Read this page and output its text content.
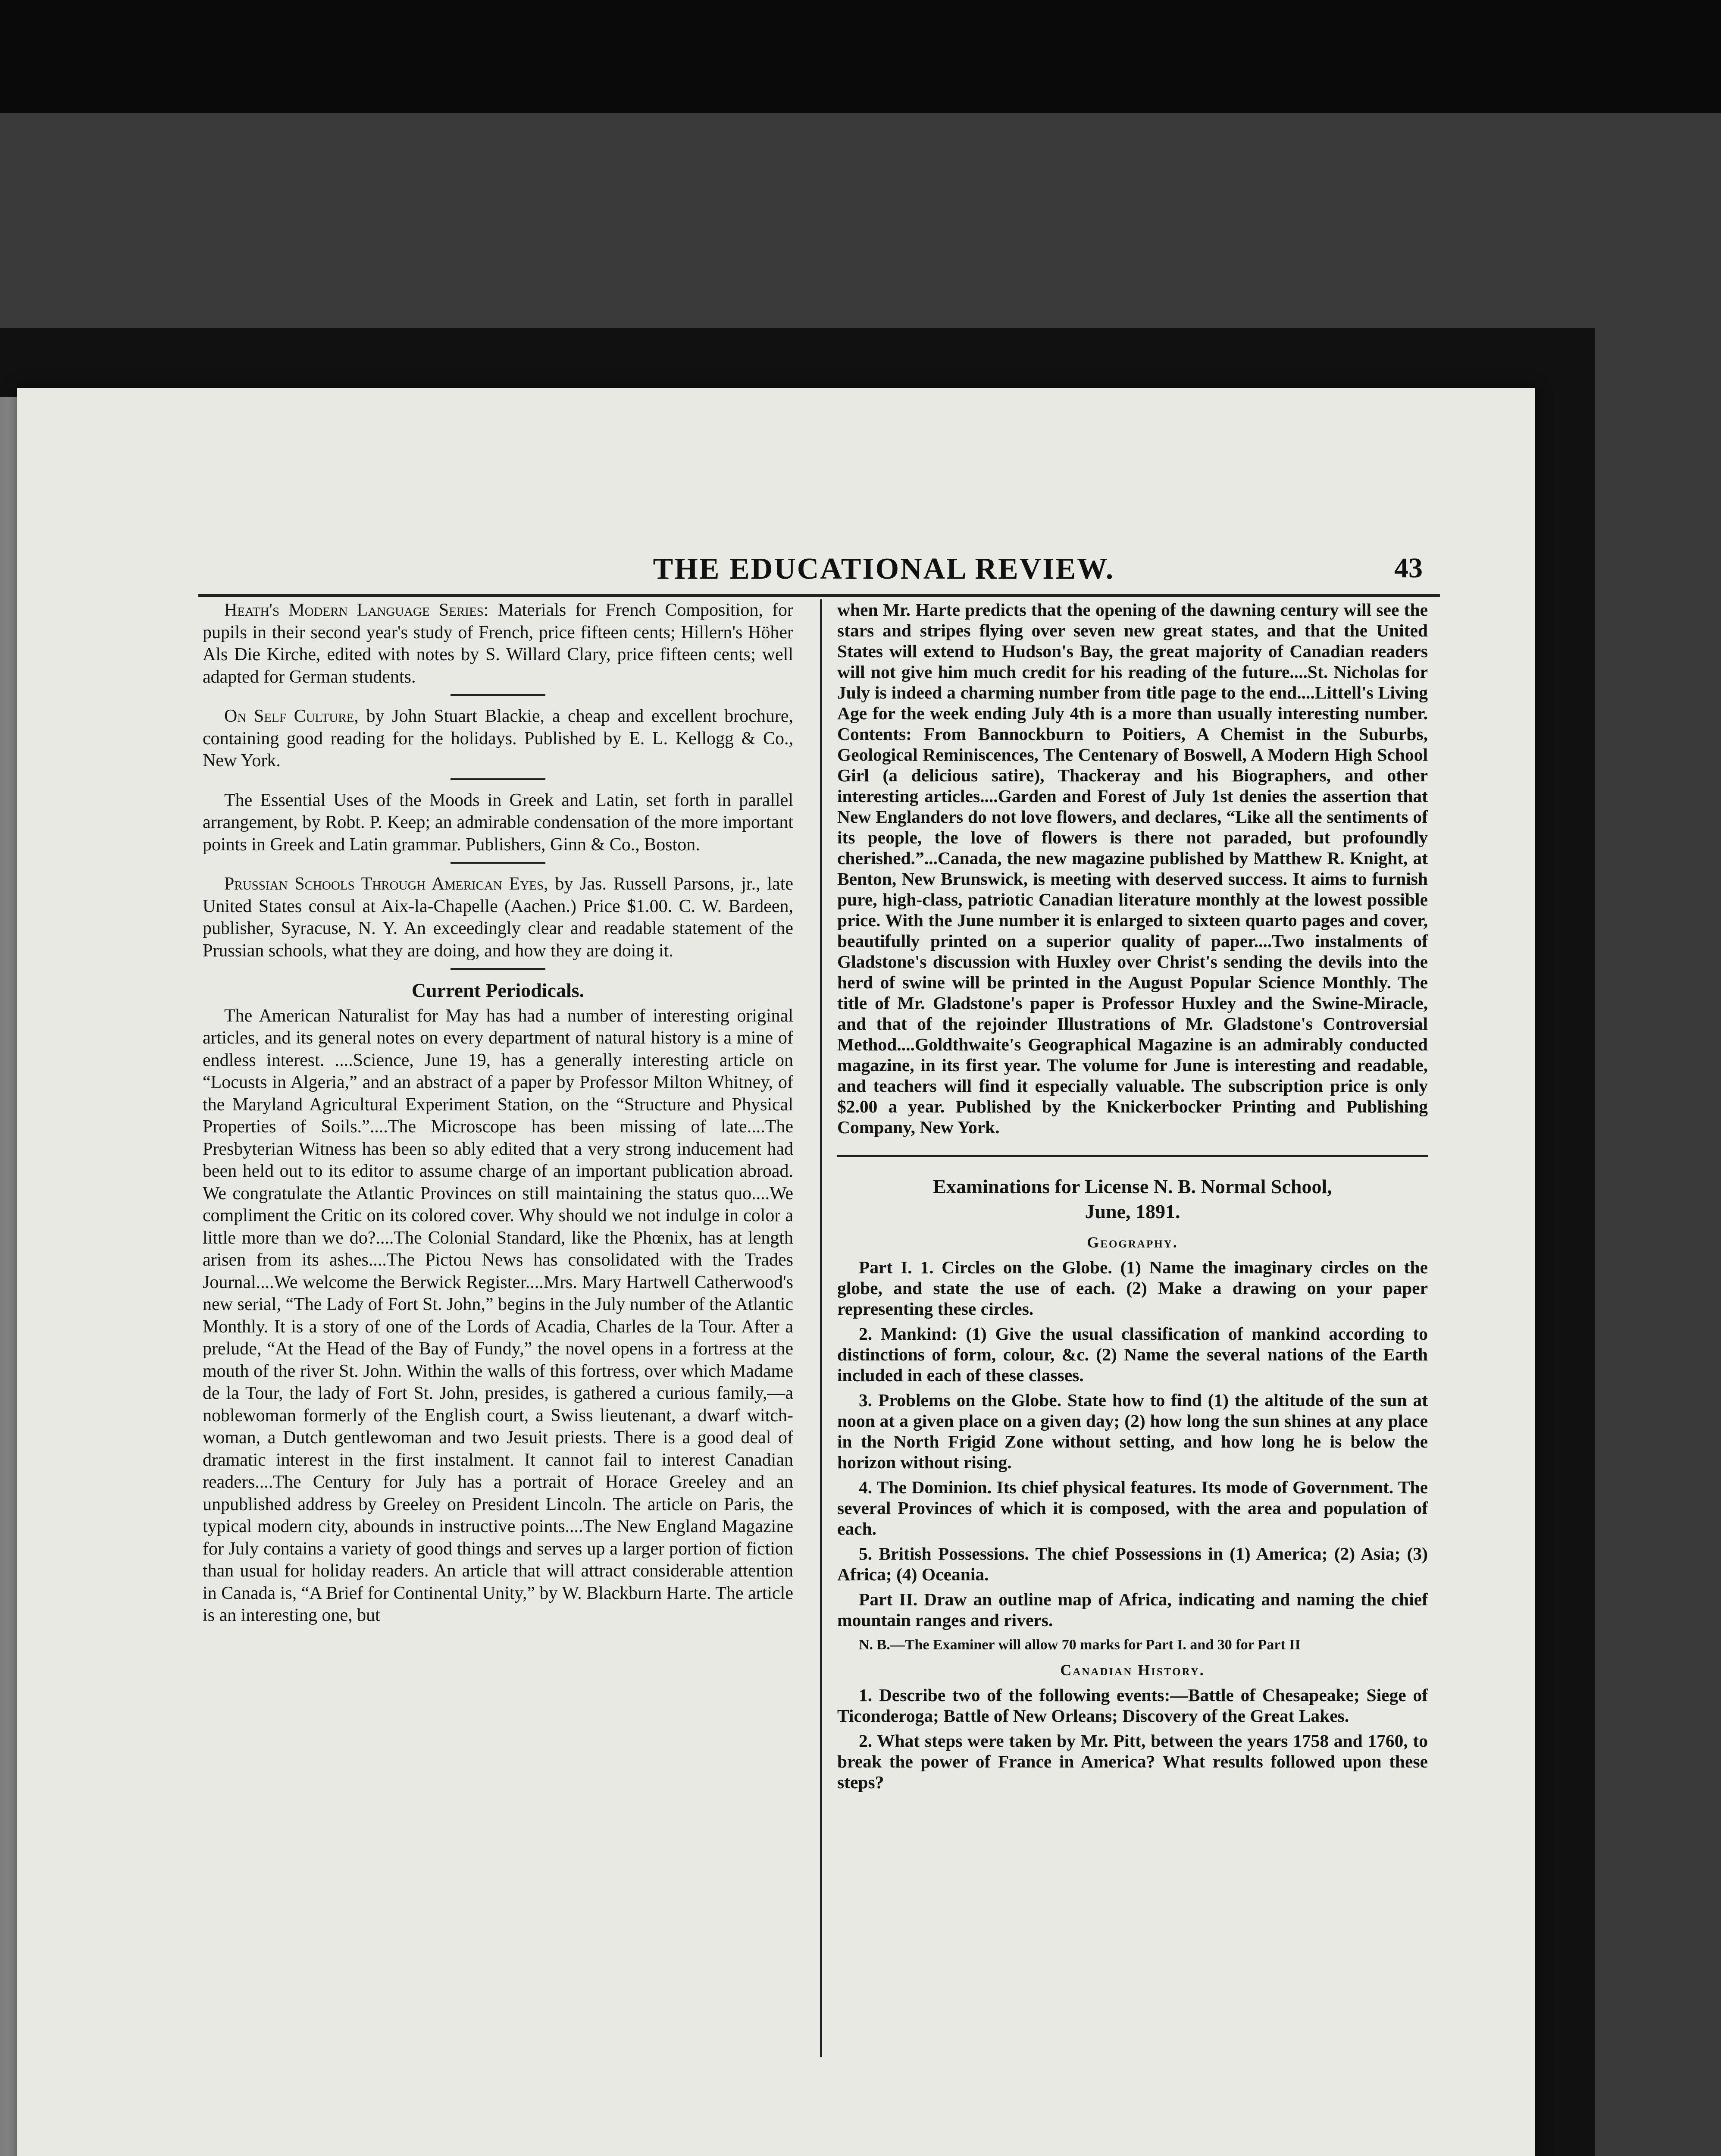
THE EDUCATIONAL REVIEW.	43

Heath's Modern Language Series: Materials for French Composition, for pupils in their second year's study of French, price fifteen cents; Hillern's Höher Als Die Kirche, edited with notes by S. Willard Clary, price fifteen cents; well adapted for German students.

On Self Culture, by John Stuart Blackie, a cheap and excellent brochure, containing good reading for the holidays. Published by E. L. Kellogg & Co., New York.

The Essential Uses of the Moods in Greek and Latin, set forth in parallel arrangement, by Robt. P. Keep; an admirable condensation of the more important points in Greek and Latin grammar. Publishers, Ginn & Co., Boston.

Prussian Schools Through American Eyes, by Jas. Russell Parsons, jr., late United States consul at Aix-la-Chapelle (Aachen.) Price $1.00. C. W. Bardeen, publisher, Syracuse, N. Y. An exceedingly clear and readable statement of the Prussian schools, what they are doing, and how they are doing it.

Current Periodicals.

The American Naturalist for May has had a number of interesting original articles, and its general notes on every department of natural history is a mine of endless interest. ....Science, June 19, has a generally interesting article on “Locusts in Algeria,” and an abstract of a paper by Professor Milton Whitney, of the Maryland Agricultural Experiment Station, on the “Structure and Physical Properties of Soils.”....The Microscope has been missing of late....The Presbyterian Witness has been so ably edited that a very strong inducement had been held out to its editor to assume charge of an important publication abroad. We congratulate the Atlantic Provinces on still maintaining the status quo....We compliment the Critic on its colored cover. Why should we not indulge in color a little more than we do?....The Colonial Standard, like the Phœnix, has at length arisen from its ashes....The Pictou News has consolidated with the Trades Journal....We welcome the Berwick Register....Mrs. Mary Hartwell Catherwood's new serial, “The Lady of Fort St. John,” begins in the July number of the Atlantic Monthly. It is a story of one of the Lords of Acadia, Charles de la Tour. After a prelude, “At the Head of the Bay of Fundy,” the novel opens in a fortress at the mouth of the river St. John. Within the walls of this fortress, over which Madame de la Tour, the lady of Fort St. John, presides, is gathered a curious family,—a noblewoman formerly of the English court, a Swiss lieutenant, a dwarf witch-woman, a Dutch gentlewoman and two Jesuit priests. There is a good deal of dramatic interest in the first instalment. It cannot fail to interest Canadian readers....The Century for July has a portrait of Horace Greeley and an unpublished address by Greeley on President Lincoln. The article on Paris, the typical modern city, abounds in instructive points....The New England Magazine for July contains a variety of good things and serves up a larger portion of fiction than usual for holiday readers. An article that will attract considerable attention in Canada is, “A Brief for Continental Unity,” by W. Blackburn Harte. The article is an interesting one, but

when Mr. Harte predicts that the opening of the dawning century will see the stars and stripes flying over seven new great states, and that the United States will extend to Hudson's Bay, the great majority of Canadian readers will not give him much credit for his reading of the future....St. Nicholas for July is indeed a charming number from title page to the end....Littell's Living Age for the week ending July 4th is a more than usually interesting number. Contents: From Bannockburn to Poitiers, A Chemist in the Suburbs, Geological Reminiscences, The Centenary of Boswell, A Modern High School Girl (a delicious satire), Thackeray and his Biographers, and other interesting articles....Garden and Forest of July 1st denies the assertion that New Englanders do not love flowers, and declares, “Like all the sentiments of its people, the love of flowers is there not paraded, but profoundly cherished.”...Canada, the new magazine published by Matthew R. Knight, at Benton, New Brunswick, is meeting with deserved success. It aims to furnish pure, high-class, patriotic Canadian literature monthly at the lowest possible price. With the June number it is enlarged to sixteen quarto pages and cover, beautifully printed on a superior quality of paper....Two instalments of Gladstone's discussion with Huxley over Christ's sending the devils into the herd of swine will be printed in the August Popular Science Monthly. The title of Mr. Gladstone's paper is Professor Huxley and the Swine-Miracle, and that of the rejoinder Illustrations of Mr. Gladstone's Controversial Method....Goldthwaite's Geographical Magazine is an admirably conducted magazine, in its first year. The volume for June is interesting and readable, and teachers will find it especially valuable. The subscription price is only $2.00 a year. Published by the Knickerbocker Printing and Publishing Company, New York.

Examinations for License N. B. Normal School,
June, 1891.
Geography.

Part I. 1. Circles on the Globe. (1) Name the imaginary circles on the globe, and state the use of each. (2) Make a drawing on your paper representing these circles.

2. Mankind: (1) Give the usual classification of mankind according to distinctions of form, colour, &c. (2) Name the several nations of the Earth included in each of these classes.

3. Problems on the Globe. State how to find (1) the altitude of the sun at noon at a given place on a given day; (2) how long the sun shines at any place in the North Frigid Zone without setting, and how long he is below the horizon without rising.

4. The Dominion. Its chief physical features. Its mode of Government. The several Provinces of which it is composed, with the area and population of each.

5. British Possessions. The chief Possessions in (1) America; (2) Asia; (3) Africa; (4) Oceania.

Part II. Draw an outline map of Africa, indicating and naming the chief mountain ranges and rivers.

N. B.—The Examiner will allow 70 marks for Part I. and 30 for Part II

Canadian History.

1. Describe two of the following events:—Battle of Chesapeake; Siege of Ticonderoga; Battle of New Orleans; Discovery of the Great Lakes.

2. What steps were taken by Mr. Pitt, between the years 1758 and 1760, to break the power of France in America? What results followed upon these steps?
